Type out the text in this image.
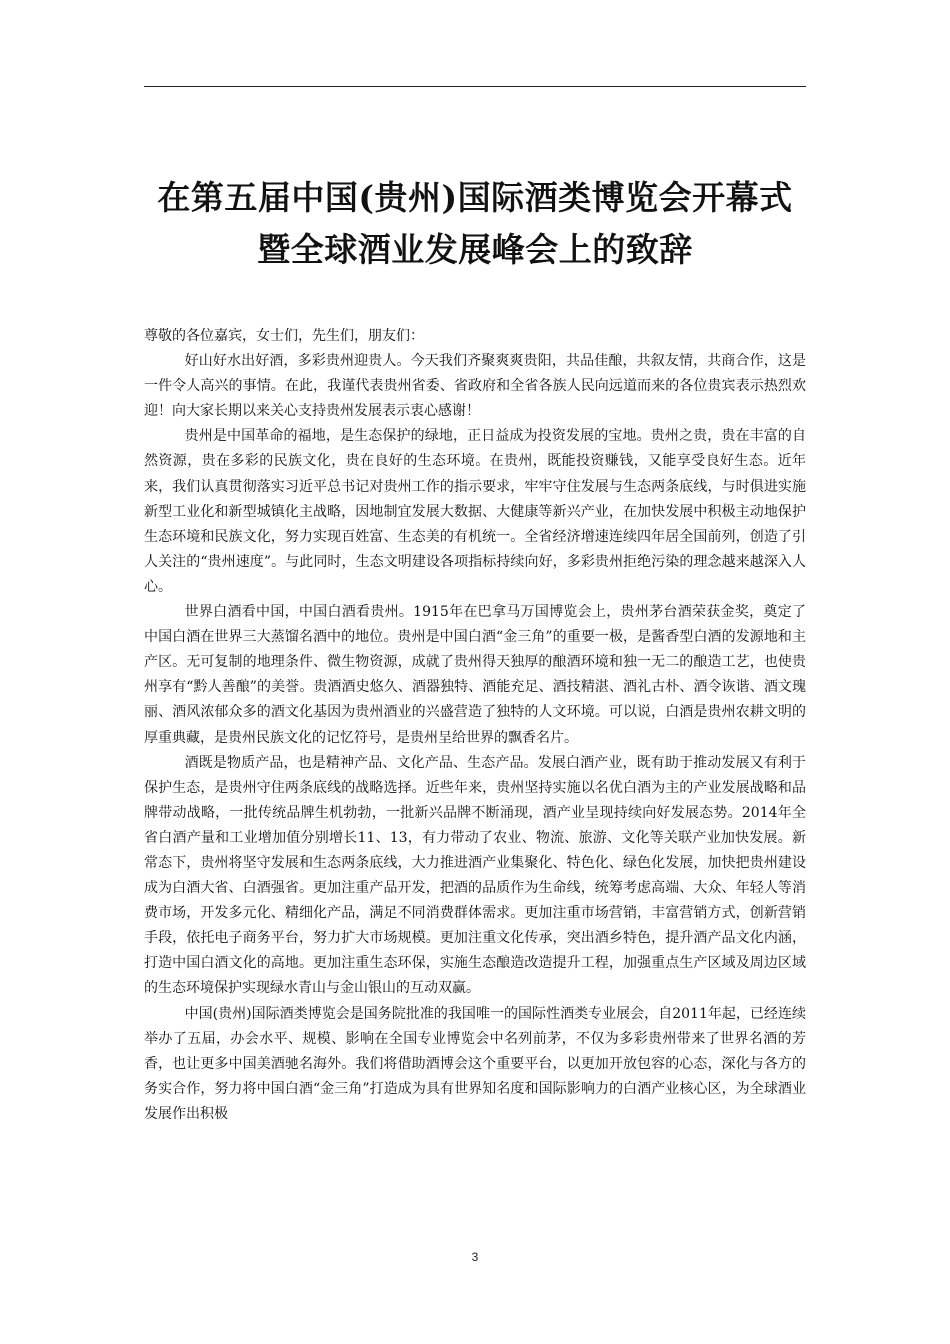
在第五届中国(贵州)国际酒类博览会开幕式
暨全球酒业发展峰会上的致辞

尊敬的各位嘉宾，女士们，先生们，朋友们：

好山好水出好酒，多彩贵州迎贵人。今天我们齐聚爽爽贵阳，共品佳酿，共叙友情，共商合作，这是一件令人高兴的事情。在此，我谨代表贵州省委、省政府和全省各族人民向远道而来的各位贵宾表示热烈欢迎！向大家长期以来关心支持贵州发展表示衷心感谢！

贵州是中国革命的福地，是生态保护的绿地，正日益成为投资发展的宝地。贵州之贵，贵在丰富的自然资源，贵在多彩的民族文化，贵在良好的生态环境。在贵州，既能投资赚钱，又能享受良好生态。近年来，我们认真贯彻落实习近平总书记对贵州工作的指示要求，牢牢守住发展与生态两条底线，与时俱进实施新型工业化和新型城镇化主战略，因地制宜发展大数据、大健康等新兴产业，在加快发展中积极主动地保护生态环境和民族文化，努力实现百姓富、生态美的有机统一。全省经济增速连续四年居全国前列，创造了引人关注的“贵州速度”。与此同时，生态文明建设各项指标持续向好，多彩贵州拒绝污染的理念越来越深入人心。

世界白酒看中国，中国白酒看贵州。1915年在巴拿马万国博览会上，贵州茅台酒荣获金奖，奠定了中国白酒在世界三大蒸馏名酒中的地位。贵州是中国白酒“金三角”的重要一极，是酱香型白酒的发源地和主产区。无可复制的地理条件、微生物资源，成就了贵州得天独厚的酿酒环境和独一无二的酿造工艺，也使贵州享有“黔人善酿”的美誉。贵酒酒史悠久、酒器独特、酒能充足、酒技精湛、酒礼古朴、酒令诙谐、酒文瑰丽、酒风浓郁众多的酒文化基因为贵州酒业的兴盛营造了独特的人文环境。可以说，白酒是贵州农耕文明的厚重典藏，是贵州民族文化的记忆符号，是贵州呈给世界的飘香名片。

酒既是物质产品，也是精神产品、文化产品、生态产品。发展白酒产业，既有助于推动发展又有利于保护生态，是贵州守住两条底线的战略选择。近些年来，贵州坚持实施以名优白酒为主的产业发展战略和品牌带动战略，一批传统品牌生机勃勃，一批新兴品牌不断涌现，酒产业呈现持续向好发展态势。2014年全省白酒产量和工业增加值分别增长11、13，有力带动了农业、物流、旅游、文化等关联产业加快发展。新常态下，贵州将坚守发展和生态两条底线，大力推进酒产业集聚化、特色化、绿色化发展，加快把贵州建设成为白酒大省、白酒强省。更加注重产品开发，把酒的品质作为生命线，统筹考虑高端、大众、年轻人等消费市场，开发多元化、精细化产品，满足不同消费群体需求。更加注重市场营销，丰富营销方式，创新营销手段，依托电子商务平台，努力扩大市场规模。更加注重文化传承，突出酒乡特色，提升酒产品文化内涵，打造中国白酒文化的高地。更加注重生态环保，实施生态酿造改造提升工程，加强重点生产区域及周边区域的生态环境保护实现绿水青山与金山银山的互动双赢。

中国(贵州)国际酒类博览会是国务院批准的我国唯一的国际性酒类专业展会，自2011年起，已经连续举办了五届，办会水平、规模、影响在全国专业博览会中名列前茅，不仅为多彩贵州带来了世界名酒的芳香，也让更多中国美酒驰名海外。我们将借助酒博会这个重要平台，以更加开放包容的心态，深化与各方的务实合作，努力将中国白酒“金三角”打造成为具有世界知名度和国际影响力的白酒产业核心区，为全球酒业发展作出积极

3
